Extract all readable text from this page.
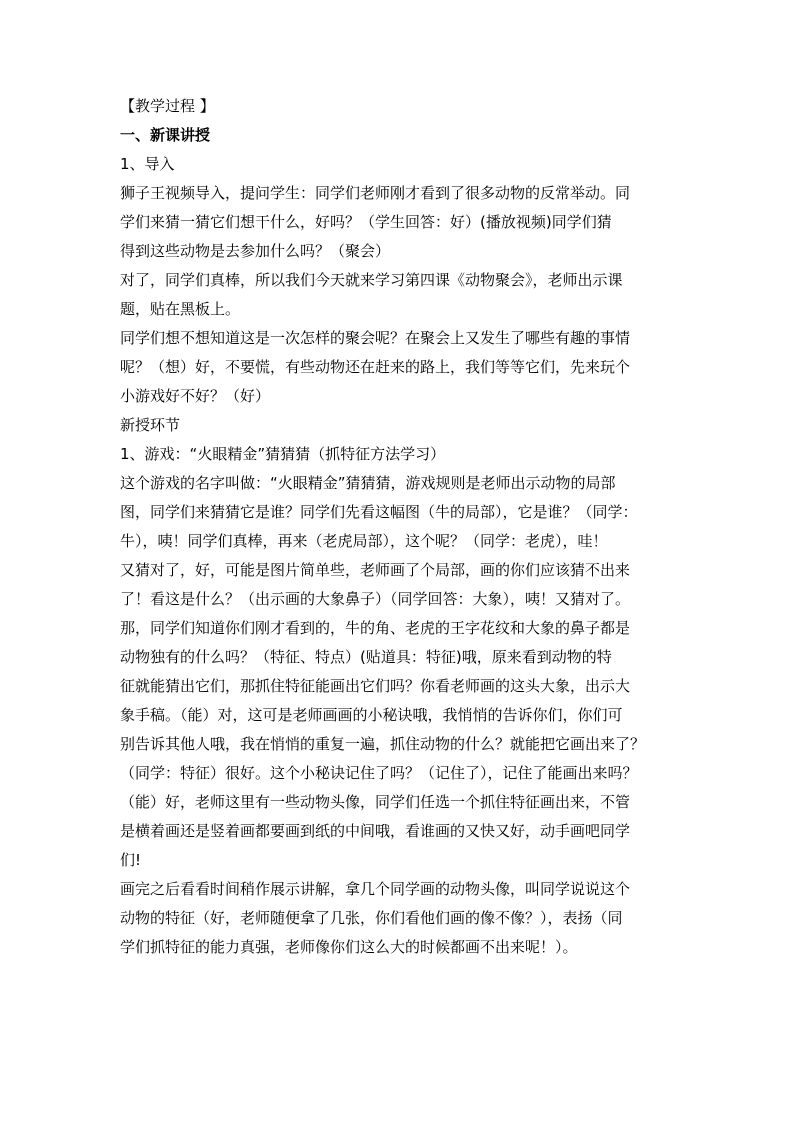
【教学过程 】
一、新课讲授
1、导入
狮子王视频导入，提问学生：同学们老师刚才看到了很多动物的反常举动。同
学们来猜一猜它们想干什么，好吗？（学生回答：好）(播放视频)同学们猜
得到这些动物是去参加什么吗？（聚会）
对了，同学们真棒，所以我们今天就来学习第四课《动物聚会》，老师出示课
题，贴在黑板上。
同学们想不想知道这是一次怎样的聚会呢？在聚会上又发生了哪些有趣的事情
呢？（想）好，不要慌，有些动物还在赶来的路上，我们等等它们，先来玩个
小游戏好不好？（好）
新授环节
1、游戏：“火眼精金”猜猜猜（抓特征方法学习）
这个游戏的名字叫做：“火眼精金”猜猜猜，游戏规则是老师出示动物的局部
图，同学们来猜猜它是谁？同学们先看这幅图（牛的局部），它是谁？（同学：
牛），咦！同学们真棒，再来（老虎局部），这个呢？（同学：老虎），哇！
又猜对了，好，可能是图片简单些，老师画了个局部，画的你们应该猜不出来
了！看这是什么？（出示画的大象鼻子）（同学回答：大象），咦！又猜对了。
那，同学们知道你们刚才看到的，牛的角、老虎的王字花纹和大象的鼻子都是
动物独有的什么吗？（特征、特点）(贴道具：特征)哦，原来看到动物的特
征就能猜出它们，那抓住特征能画出它们吗？你看老师画的这头大象，出示大
象手稿。（能）对，这可是老师画画的小秘诀哦，我悄悄的告诉你们，你们可
别告诉其他人哦，我在悄悄的重复一遍，抓住动物的什么？就能把它画出来了？
（同学：特征）很好。这个小秘诀记住了吗？（记住了），记住了能画出来吗？
（能）好，老师这里有一些动物头像，同学们任选一个抓住特征画出来，不管
是横着画还是竖着画都要画到纸的中间哦，看谁画的又快又好，动手画吧同学
们!
画完之后看看时间稍作展示讲解，拿几个同学画的动物头像，叫同学说说这个
动物的特征（好，老师随便拿了几张，你们看他们画的像不像？），表扬（同
学们抓特征的能力真强，老师像你们这么大的时候都画不出来呢！）。
